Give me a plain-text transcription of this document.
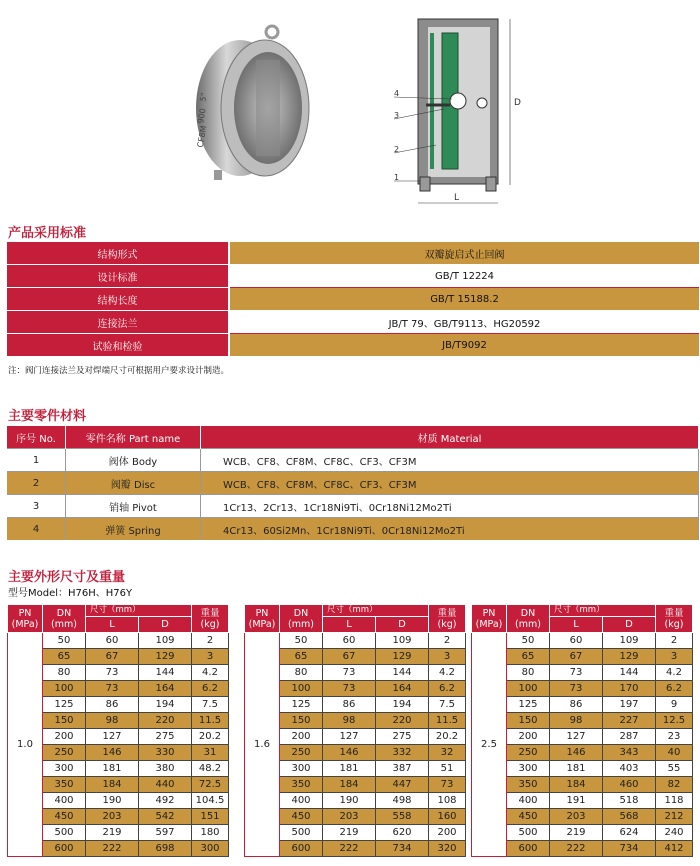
5"
900
CF8M
4
3
2
1
D
L
产品采用标准
结构形式	双瓣旋启式止回阀
设计标准	GB/T 12224
结构长度	GB/T 15188.2
连接法兰	JB/T 79、GB/T9113、HG20592
试验和检验	JB/T9092
注：阀门连接法兰及对焊端尺寸可根据用户要求设计制造。
主要零件材料
序号 No.	零件名称 Part name	材质 Material
1	阀体 Body	WCB、CF8、CF8M、CF8C、CF3、CF3M
2	阀瓣 Disc	WCB、CF8、CF8M、CF8C、CF3、CF3M
3	销轴 Pivot	1Cr13、2Cr13、1Cr18Ni9Ti、0Cr18Ni12Mo2Ti
4	弹簧 Spring	4Cr13、60Si2Mn、1Cr18Ni9Ti、0Cr18Ni12Mo2Ti
主要外形尺寸及重量
型号Model：H76H、H76Y
PN
(MPa)	DN
(mm)	尺寸（mm）		重量
(kg)
		L	D	
1.0	50	60	109	2
	65	67	129	3
	80	73	144	4.2
	100	73	164	6.2
	125	86	194	7.5
	150	98	220	11.5
	200	127	275	20.2
	250	146	330	31
	300	181	380	48.2
	350	184	440	72.5
	400	190	492	104.5
	450	203	542	151
	500	219	597	180
	600	222	698	300
PN
(MPa)	DN
(mm)	尺寸（mm）		重量
(kg)
		L	D	
1.6	50	60	109	2
	65	67	129	3
	80	73	144	4.2
	100	73	164	6.2
	125	86	194	7.5
	150	98	220	11.5
	200	127	275	20.2
	250	146	332	32
	300	181	387	51
	350	184	447	73
	400	190	498	108
	450	203	558	160
	500	219	620	200
	600	222	734	320
PN
(MPa)	DN
(mm)	尺寸（mm）		重量
(kg)
		L	D	
2.5	50	60	109	2
	65	67	129	3
	80	73	144	4.2
	100	73	170	6.2
	125	86	197	9
	150	98	227	12.5
	200	127	287	23
	250	146	343	40
	300	181	403	55
	350	184	460	82
	400	191	518	118
	450	203	568	212
	500	219	624	240
	600	222	734	412
